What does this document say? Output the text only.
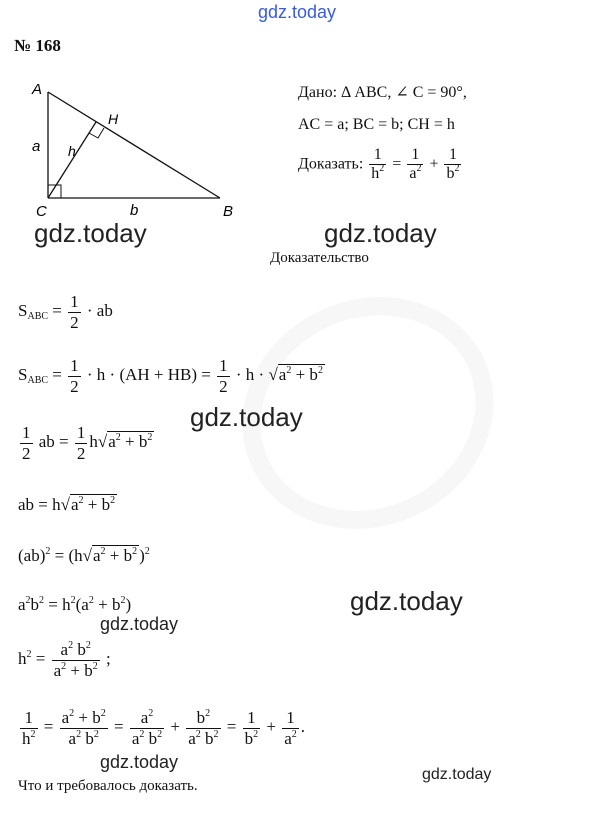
gdz.today
№ 168
A
B
C
H
a h
b
Дано: Δ ABC, ∠ C = 90°,
AC = a; BC = b; CH = h
Доказать: $\frac{1}{h^2} = \frac{1}{a^2} + \frac{1}{b^2}$
gdz.today	gdz.today
Доказательство
$S_{ABC} = \frac{1}{2}$ · ab
$S_{ABC} = \frac{1}{2} \cdot h \cdot (AH + HB) = \frac{1}{2} \cdot h \cdot √a^2 + b^2$
gdz.today
$\frac{1}{2}$ ab = $\frac{1}{2} h√a^2 + b^2$
ab = $h√a^2 + b^2$
$(ab)^2 = (h√a^2 + b^2$ )$^2$
$a^2b^2 = h^2(a^2 + b^2)$	gdz.today
gdz.today
$h^2 = \frac{a^2 b^2}{a^2 + b^2}$ ;
$\frac{1}{h^2} = \frac{a^2 + b^2}{a^2 b^2} = \frac{a^2}{a^2 b^2} + \frac{b^2}{a^2 b^2} = \frac{1}{b^2} + \frac{1}{a^2}$ .
gdz.today
gdz.today
Что и требовалось доказать.
